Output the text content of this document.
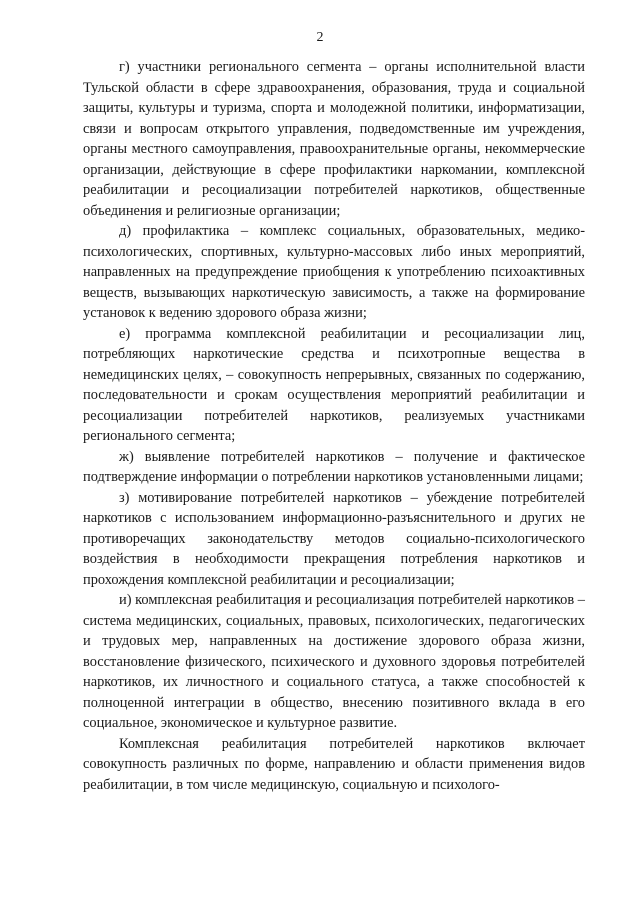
2

г) участники регионального сегмента – органы исполнительной власти Тульской области в сфере здравоохранения, образования, труда и социальной защиты, культуры и туризма, спорта и молодежной политики, информатизации, связи и вопросам открытого управления, подведомственные им учреждения, органы местного самоуправления, правоохранительные органы, некоммерческие организации, действующие в сфере профилактики наркомании, комплексной реабилитации и ресоциализации потребителей наркотиков, общественные объединения и религиозные организации;

д) профилактика – комплекс социальных, образовательных, медико-психологических, спортивных, культурно-массовых либо иных мероприятий, направленных на предупреждение приобщения к употреблению психоактивных веществ, вызывающих наркотическую зависимость, а также на формирование установок к ведению здорового образа жизни;

е) программа комплексной реабилитации и ресоциализации лиц, потребляющих наркотические средства и психотропные вещества в немедицинских целях, – совокупность непрерывных, связанных по содержанию, последовательности и срокам осуществления мероприятий реабилитации и ресоциализации потребителей наркотиков, реализуемых участниками регионального сегмента;

ж) выявление потребителей наркотиков – получение и фактическое подтверждение информации о потреблении наркотиков установленными лицами;

з) мотивирование потребителей наркотиков – убеждение потребителей наркотиков с использованием информационно-разъяснительного и других не противоречащих законодательству методов социально-психологического воздействия в необходимости прекращения потребления наркотиков и прохождения комплексной реабилитации и ресоциализации;

и) комплексная реабилитация и ресоциализация потребителей наркотиков – система медицинских, социальных, правовых, психологических, педагогических и трудовых мер, направленных на достижение здорового образа жизни, восстановление физического, психического и духовного здоровья потребителей наркотиков, их личностного и социального статуса, а также способностей к полноценной интеграции в общество, внесению позитивного вклада в его социальное, экономическое и культурное развитие.

Комплексная реабилитация потребителей наркотиков включает совокупность различных по форме, направлению и области применения видов реабилитации, в том числе медицинскую, социальную и психолого-
